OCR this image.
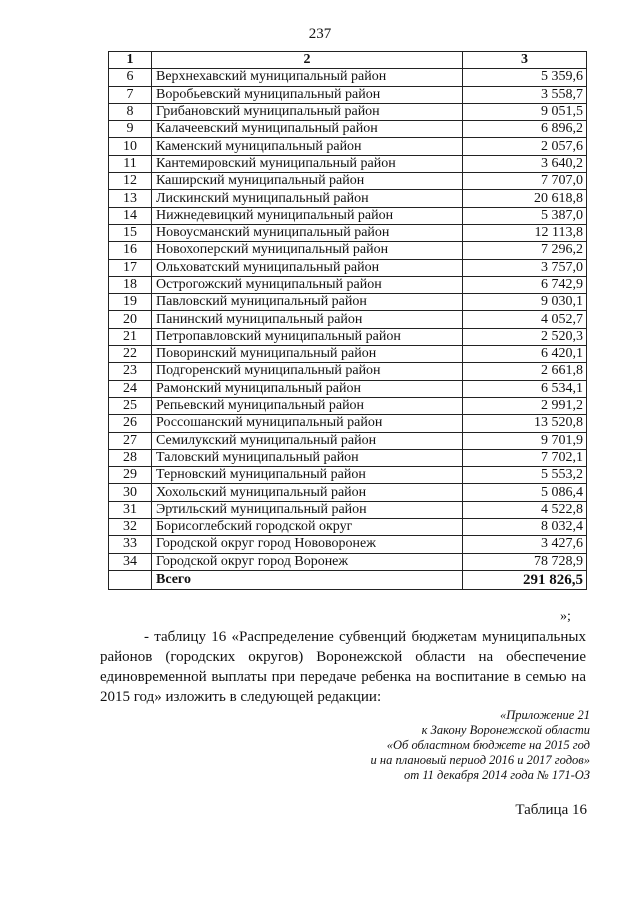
237
1	2	3
6	Верхнехавский муниципальный район	5 359,6
7	Воробьевский муниципальный район	3 558,7
8	Грибановский муниципальный район	9 051,5
9	Калачеевский муниципальный район	6 896,2
10	Каменский муниципальный район	2 057,6
11	Кантемировский муниципальный район	3 640,2
12	Каширский муниципальный район	7 707,0
13	Лискинский муниципальный район	20 618,8
14	Нижнедевицкий муниципальный район	5 387,0
15	Новоусманский муниципальный район	12 113,8
16	Новохоперский муниципальный район	7 296,2
17	Ольховатский муниципальный район	3 757,0
18	Острогожский муниципальный район	6 742,9
19	Павловский муниципальный район	9 030,1
20	Панинский муниципальный район	4 052,7
21	Петропавловский муниципальный район	2 520,3
22	Поворинский муниципальный район	6 420,1
23	Подгоренский муниципальный район	2 661,8
24	Рамонский муниципальный район	6 534,1
25	Репьевский муниципальный район	2 991,2
26	Россошанский муниципальный район	13 520,8
27	Семилукский муниципальный район	9 701,9
28	Таловский муниципальный район	7 702,1
29	Терновский муниципальный район	5 553,2
30	Хохольский муниципальный район	5 086,4
31	Эртильский муниципальный район	4 522,8
32	Борисоглебский городской округ	8 032,4
33	Городской округ город Нововоронеж	3 427,6
34	Городской округ город Воронеж	78 728,9
	Всего	291 826,5
»;
- таблицу 16 «Распределение субвенций бюджетам муниципальных районов (городских округов) Воронежской области на обеспечение единовременной выплаты при передаче ребенка на воспитание в семью на 2015 год» изложить в следующей редакции:
«Приложение 21
к Закону Воронежской области
«Об областном бюджете на 2015 год
и на плановый период 2016 и 2017 годов»
от 11 декабря 2014 года № 171-ОЗ
Таблица 16
